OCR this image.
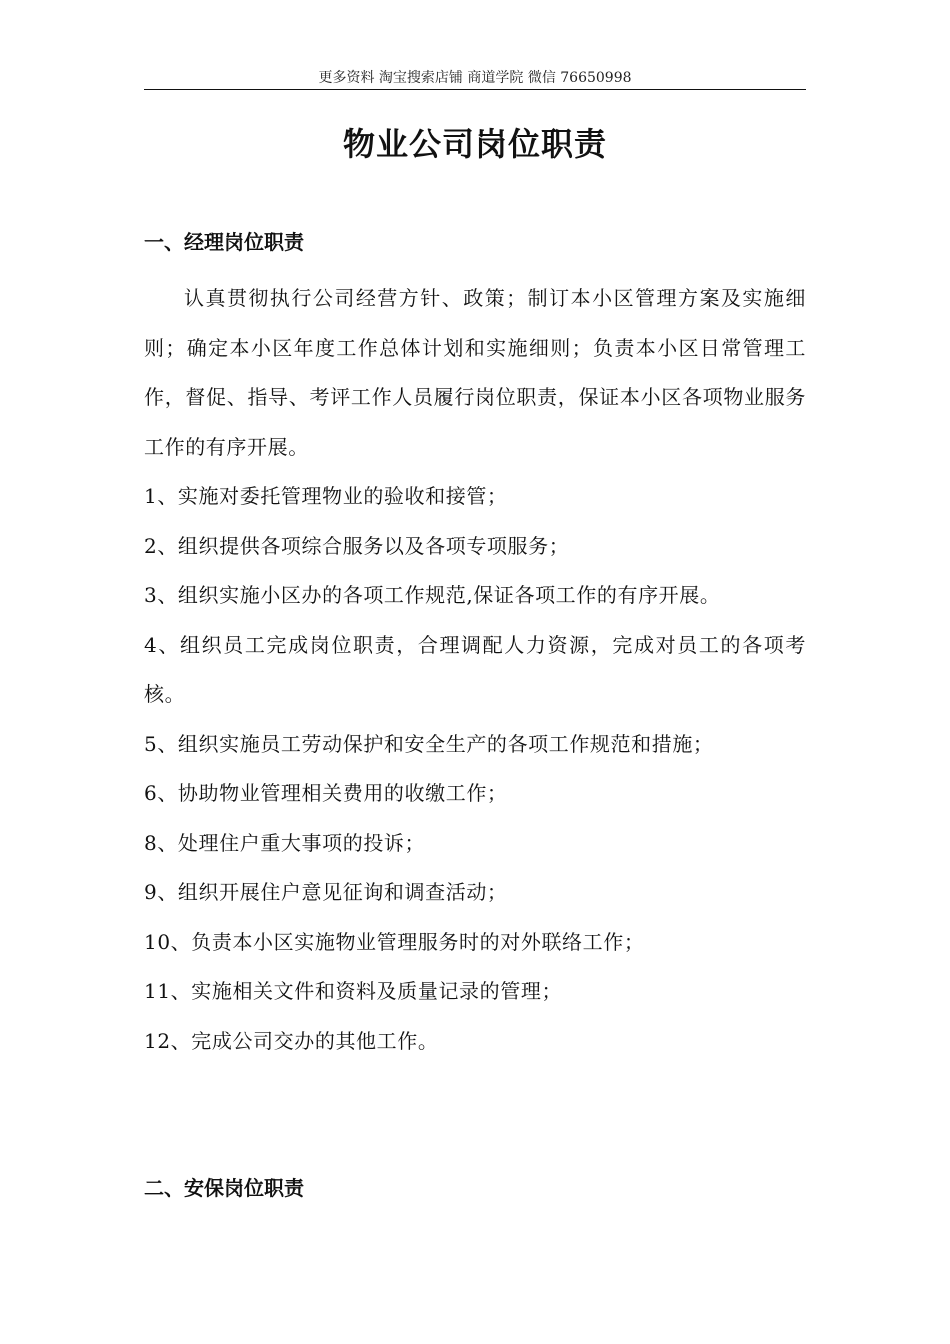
更多资料 淘宝搜索店铺 商道学院 微信 76650998
物业公司岗位职责
一、经理岗位职责

认真贯彻执行公司经营方针、政策；制订本小区管理方案及实施细则；确定本小区年度工作总体计划和实施细则；负责本小区日常管理工作，督促、指导、考评工作人员履行岗位职责，保证本小区各项物业服务工作的有序开展。

1、实施对委托管理物业的验收和接管；
2、组织提供各项综合服务以及各项专项服务；
3、组织实施小区办的各项工作规范,保证各项工作的有序开展。
4、组织员工完成岗位职责，合理调配人力资源，完成对员工的各项考核。
5、组织实施员工劳动保护和安全生产的各项工作规范和措施；
6、协助物业管理相关费用的收缴工作；
8、处理住户重大事项的投诉；
9、组织开展住户意见征询和调查活动；
10、负责本小区实施物业管理服务时的对外联络工作；
11、实施相关文件和资料及质量记录的管理；
12、完成公司交办的其他工作。
二、安保岗位职责
